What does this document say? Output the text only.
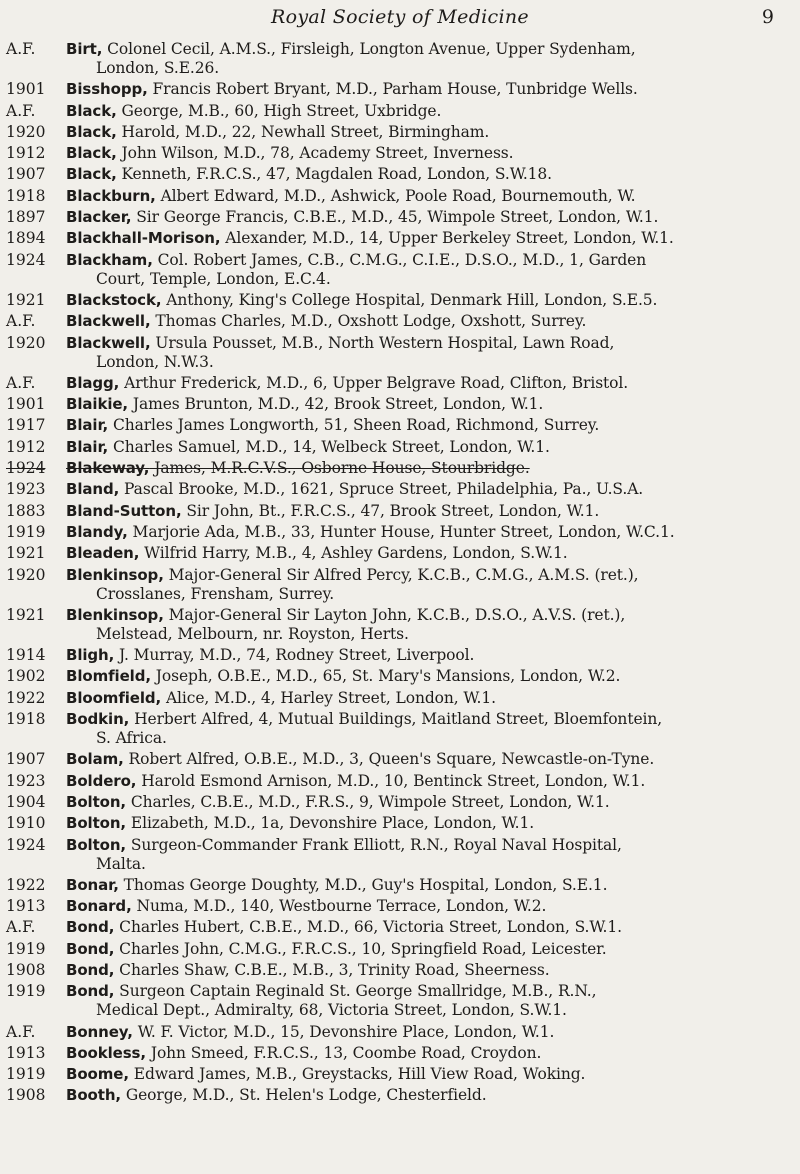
Royal Society of Medicine	9
A.F.	Birt, Colonel Cecil, A.M.S., Firsleigh, Longton Avenue, Upper Sydenham,
London, S.E.26.
1901	Bisshopp, Francis Robert Bryant, M.D., Parham House, Tunbridge Wells.
A.F.	Black, George, M.B., 60, High Street, Uxbridge.
1920	Black, Harold, M.D., 22, Newhall Street, Birmingham.
1912	Black, John Wilson, M.D., 78, Academy Street, Inverness.
1907	Black, Kenneth, F.R.C.S., 47, Magdalen Road, London, S.W.18.
1918	Blackburn, Albert Edward, M.D., Ashwick, Poole Road, Bournemouth, W.
1897	Blacker, Sir George Francis, C.B.E., M.D., 45, Wimpole Street, London, W.1.
1894	Blackhall-Morison, Alexander, M.D., 14, Upper Berkeley Street, London, W.1.
1924	Blackham, Col. Robert James, C.B., C.M.G., C.I.E., D.S.O., M.D., 1, Garden
Court, Temple, London, E.C.4.
1921	Blackstock, Anthony, King's College Hospital, Denmark Hill, London, S.E.5.
A.F.	Blackwell, Thomas Charles, M.D., Oxshott Lodge, Oxshott, Surrey.
1920	Blackwell, Ursula Pousset, M.B., North Western Hospital, Lawn Road,
London, N.W.3.
A.F.	Blagg, Arthur Frederick, M.D., 6, Upper Belgrave Road, Clifton, Bristol.
1901	Blaikie, James Brunton, M.D., 42, Brook Street, London, W.1.
1917	Blair, Charles James Longworth, 51, Sheen Road, Richmond, Surrey.
1912	Blair, Charles Samuel, M.D., 14, Welbeck Street, London, W.1.
1924	Blakeway, James, M.R.C.V.S., Osborne House, Stourbridge.
1923	Bland, Pascal Brooke, M.D., 1621, Spruce Street, Philadelphia, Pa., U.S.A.
1883	Bland-Sutton, Sir John, Bt., F.R.C.S., 47, Brook Street, London, W.1.
1919	Blandy, Marjorie Ada, M.B., 33, Hunter House, Hunter Street, London, W.C.1.
1921	Bleaden, Wilfrid Harry, M.B., 4, Ashley Gardens, London, S.W.1.
1920	Blenkinsop, Major-General Sir Alfred Percy, K.C.B., C.M.G., A.M.S. (ret.),
Crosslanes, Frensham, Surrey.
1921	Blenkinsop, Major-General Sir Layton John, K.C.B., D.S.O., A.V.S. (ret.),
Melstead, Melbourn, nr. Royston, Herts.
1914	Bligh, J. Murray, M.D., 74, Rodney Street, Liverpool.
1902	Blomfield, Joseph, O.B.E., M.D., 65, St. Mary's Mansions, London, W.2.
1922	Bloomfield, Alice, M.D., 4, Harley Street, London, W.1.
1918	Bodkin, Herbert Alfred, 4, Mutual Buildings, Maitland Street, Bloemfontein,
S. Africa.
1907	Bolam, Robert Alfred, O.B.E., M.D., 3, Queen's Square, Newcastle-on-Tyne.
1923	Boldero, Harold Esmond Arnison, M.D., 10, Bentinck Street, London, W.1.
1904	Bolton, Charles, C.B.E., M.D., F.R.S., 9, Wimpole Street, London, W.1.
1910	Bolton, Elizabeth, M.D., 1a, Devonshire Place, London, W.1.
1924	Bolton, Surgeon-Commander Frank Elliott, R.N., Royal Naval Hospital,
Malta.
1922	Bonar, Thomas George Doughty, M.D., Guy's Hospital, London, S.E.1.
1913	Bonard, Numa, M.D., 140, Westbourne Terrace, London, W.2.
A.F.	Bond, Charles Hubert, C.B.E., M.D., 66, Victoria Street, London, S.W.1.
1919	Bond, Charles John, C.M.G., F.R.C.S., 10, Springfield Road, Leicester.
1908	Bond, Charles Shaw, C.B.E., M.B., 3, Trinity Road, Sheerness.
1919	Bond, Surgeon Captain Reginald St. George Smallridge, M.B., R.N.,
Medical Dept., Admiralty, 68, Victoria Street, London, S.W.1.
A.F.	Bonney, W. F. Victor, M.D., 15, Devonshire Place, London, W.1.
1913	Bookless, John Smeed, F.R.C.S., 13, Coombe Road, Croydon.
1919	Boome, Edward James, M.B., Greystacks, Hill View Road, Woking.
1908	Booth, George, M.D., St. Helen's Lodge, Chesterfield.
